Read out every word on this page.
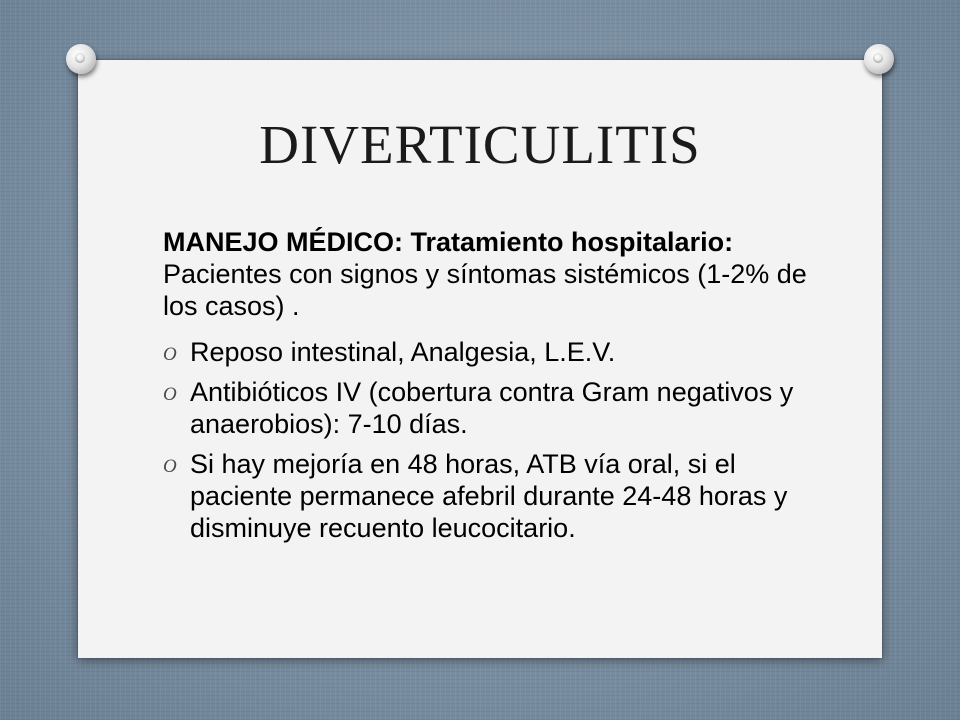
DIVERTICULITIS
MANEJO MÉDICO: Tratamiento hospitalario: Pacientes con signos y síntomas sistémicos (1-2% de los casos) .
O Reposo intestinal, Analgesia, L.E.V.
O Antibióticos IV (cobertura contra Gram negativos y anaerobios): 7-10 días.
O Si hay mejoría en 48 horas, ATB vía oral, si el paciente permanece afebril durante 24-48 horas y disminuye recuento leucocitario.
